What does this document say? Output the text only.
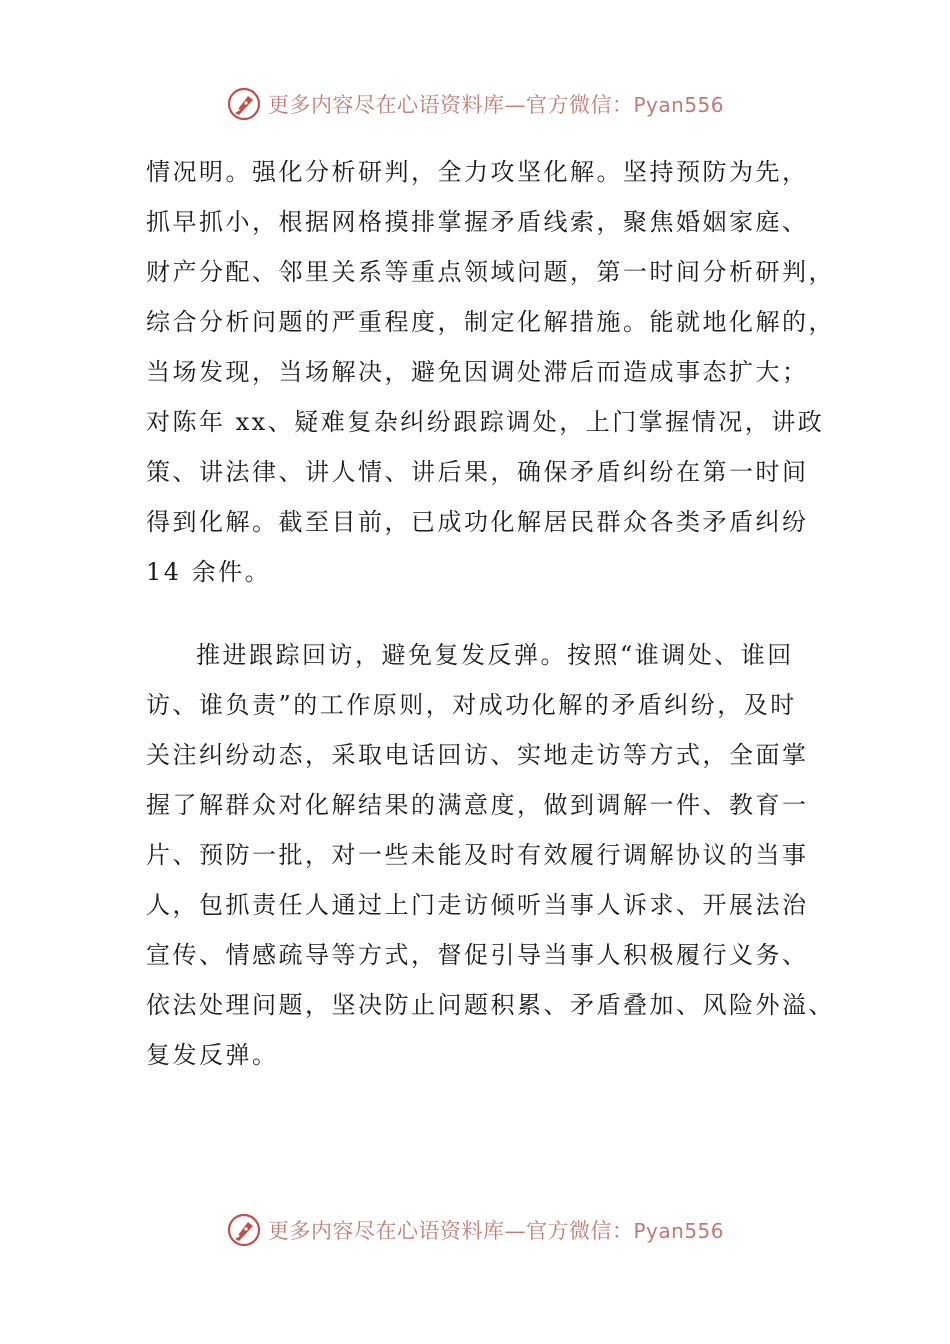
更多内容尽在心语资料库—官方微信：Pyan556
情况明。强化分析研判，全力攻坚化解。坚持预防为先，
抓早抓小，根据网格摸排掌握矛盾线索，聚焦婚姻家庭、
财产分配、邻里关系等重点领域问题，第一时间分析研判，
综合分析问题的严重程度，制定化解措施。能就地化解的，
当场发现，当场解决，避免因调处滞后而造成事态扩大；
对陈年 xx、疑难复杂纠纷跟踪调处，上门掌握情况，讲政
策、讲法律、讲人情、讲后果，确保矛盾纠纷在第一时间
得到化解。截至目前，已成功化解居民群众各类矛盾纠纷
14 余件。
推进跟踪回访，避免复发反弹。按照“谁调处、谁回
访、谁负责”的工作原则，对成功化解的矛盾纠纷，及时
关注纠纷动态，采取电话回访、实地走访等方式，全面掌
握了解群众对化解结果的满意度，做到调解一件、教育一
片、预防一批，对一些未能及时有效履行调解协议的当事
人，包抓责任人通过上门走访倾听当事人诉求、开展法治
宣传、情感疏导等方式，督促引导当事人积极履行义务、
依法处理问题，坚决防止问题积累、矛盾叠加、风险外溢、
复发反弹。
更多内容尽在心语资料库—官方微信：Pyan556
